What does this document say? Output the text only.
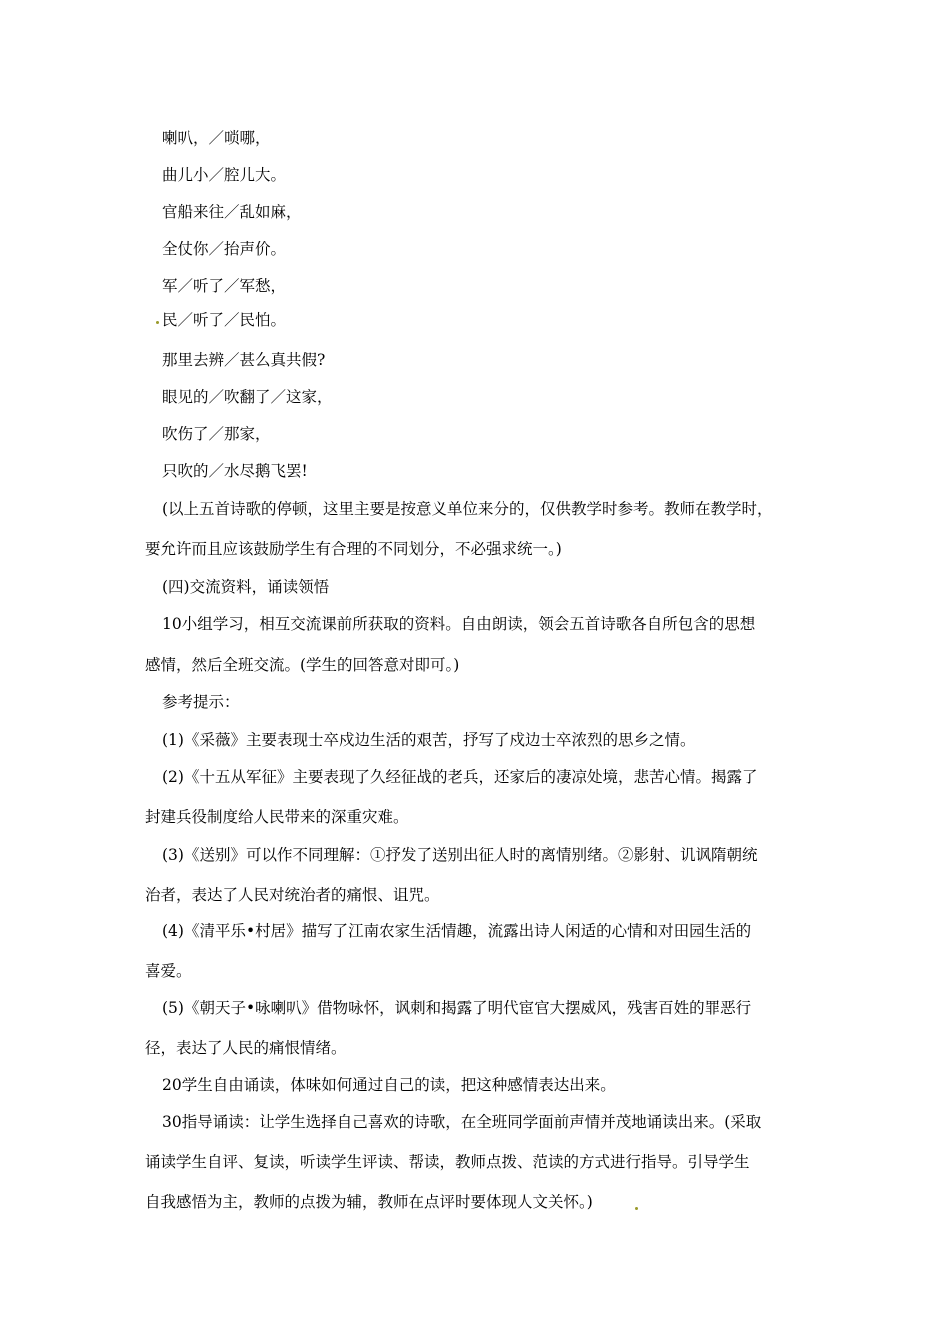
喇叭，／唢哪，
曲儿小／腔儿大。
官船来往／乱如麻，
全仗你／抬声价。
军／听了／军愁，
民／听了／民怕。
那里去辨／甚么真共假?
眼见的／吹翻了／这家，
吹伤了／那家，
只吹的／水尽鹅飞罢!
(以上五首诗歌的停顿，这里主要是按意义单位来分的，仅供教学时参考。教师在教学时，
要允许而且应该鼓励学生有合理的不同划分，不必强求统一。)
(四)交流资料，诵读领悟
10小组学习，相互交流课前所获取的资料。自由朗读，领会五首诗歌各自所包含的思想
感情，然后全班交流。(学生的回答意对即可。)
参考提示：
(1)《采薇》主要表现士卒戍边生活的艰苦，抒写了戍边士卒浓烈的思乡之情。
(2)《十五从军征》主要表现了久经征战的老兵，还家后的凄凉处境，悲苦心情。揭露了
封建兵役制度给人民带来的深重灾难。
(3)《送别》可以作不同理解：①抒发了送别出征人时的离情别绪。②影射、讥讽隋朝统
治者，表达了人民对统治者的痛恨、诅咒。
(4)《清平乐•村居》描写了江南农家生活情趣，流露出诗人闲适的心情和对田园生活的
喜爱。
(5)《朝天子•咏喇叭》借物咏怀，讽刺和揭露了明代宦官大摆威风，残害百姓的罪恶行
径，表达了人民的痛恨情绪。
20学生自由诵读，体味如何通过自己的读，把这种感情表达出来。
30指导诵读：让学生选择自己喜欢的诗歌，在全班同学面前声情并茂地诵读出来。(采取
诵读学生自评、复读，听读学生评读、帮读，教师点拨、范读的方式进行指导。引导学生
自我感悟为主，教师的点拨为辅，教师在点评时要体现人文关怀。)
